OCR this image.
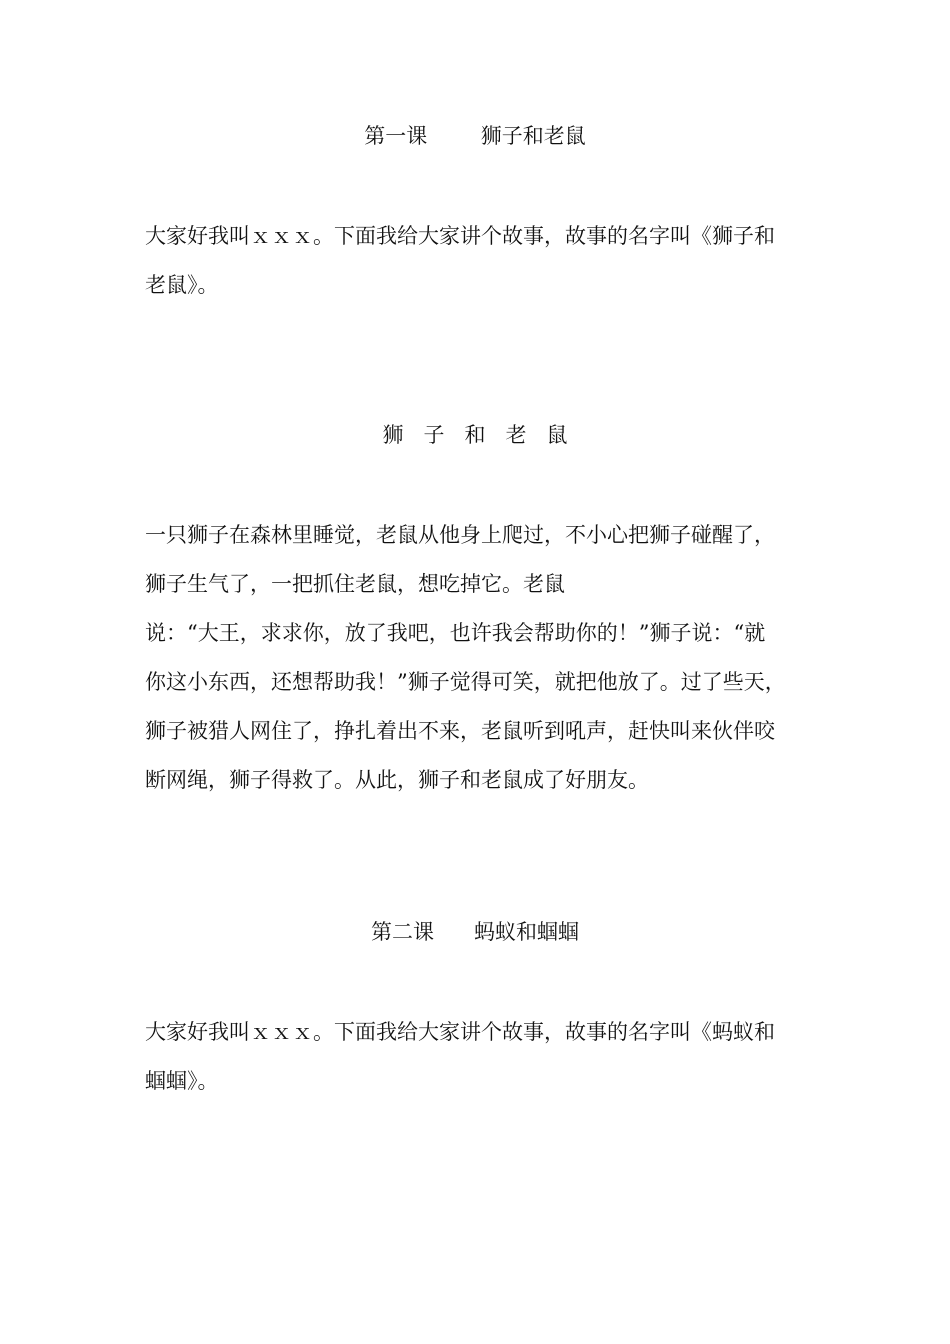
第一课        狮子和老鼠
大家好我叫ｘｘｘ。下面我给大家讲个故事，故事的名字叫《狮子和
老鼠》。
狮   子   和   老   鼠
一只狮子在森林里睡觉，老鼠从他身上爬过，不小心把狮子碰醒了，
狮子生气了，一把抓住老鼠，想吃掉它。老鼠
说：“大王，求求你，放了我吧，也许我会帮助你的！”狮子说：“就
你这小东西，还想帮助我！”狮子觉得可笑，就把他放了。过了些天，
狮子被猎人网住了，挣扎着出不来，老鼠听到吼声，赶快叫来伙伴咬
断网绳，狮子得救了。从此，狮子和老鼠成了好朋友。
第二课      蚂蚁和蝈蝈
大家好我叫ｘｘｘ。下面我给大家讲个故事，故事的名字叫《蚂蚁和
蝈蝈》。
